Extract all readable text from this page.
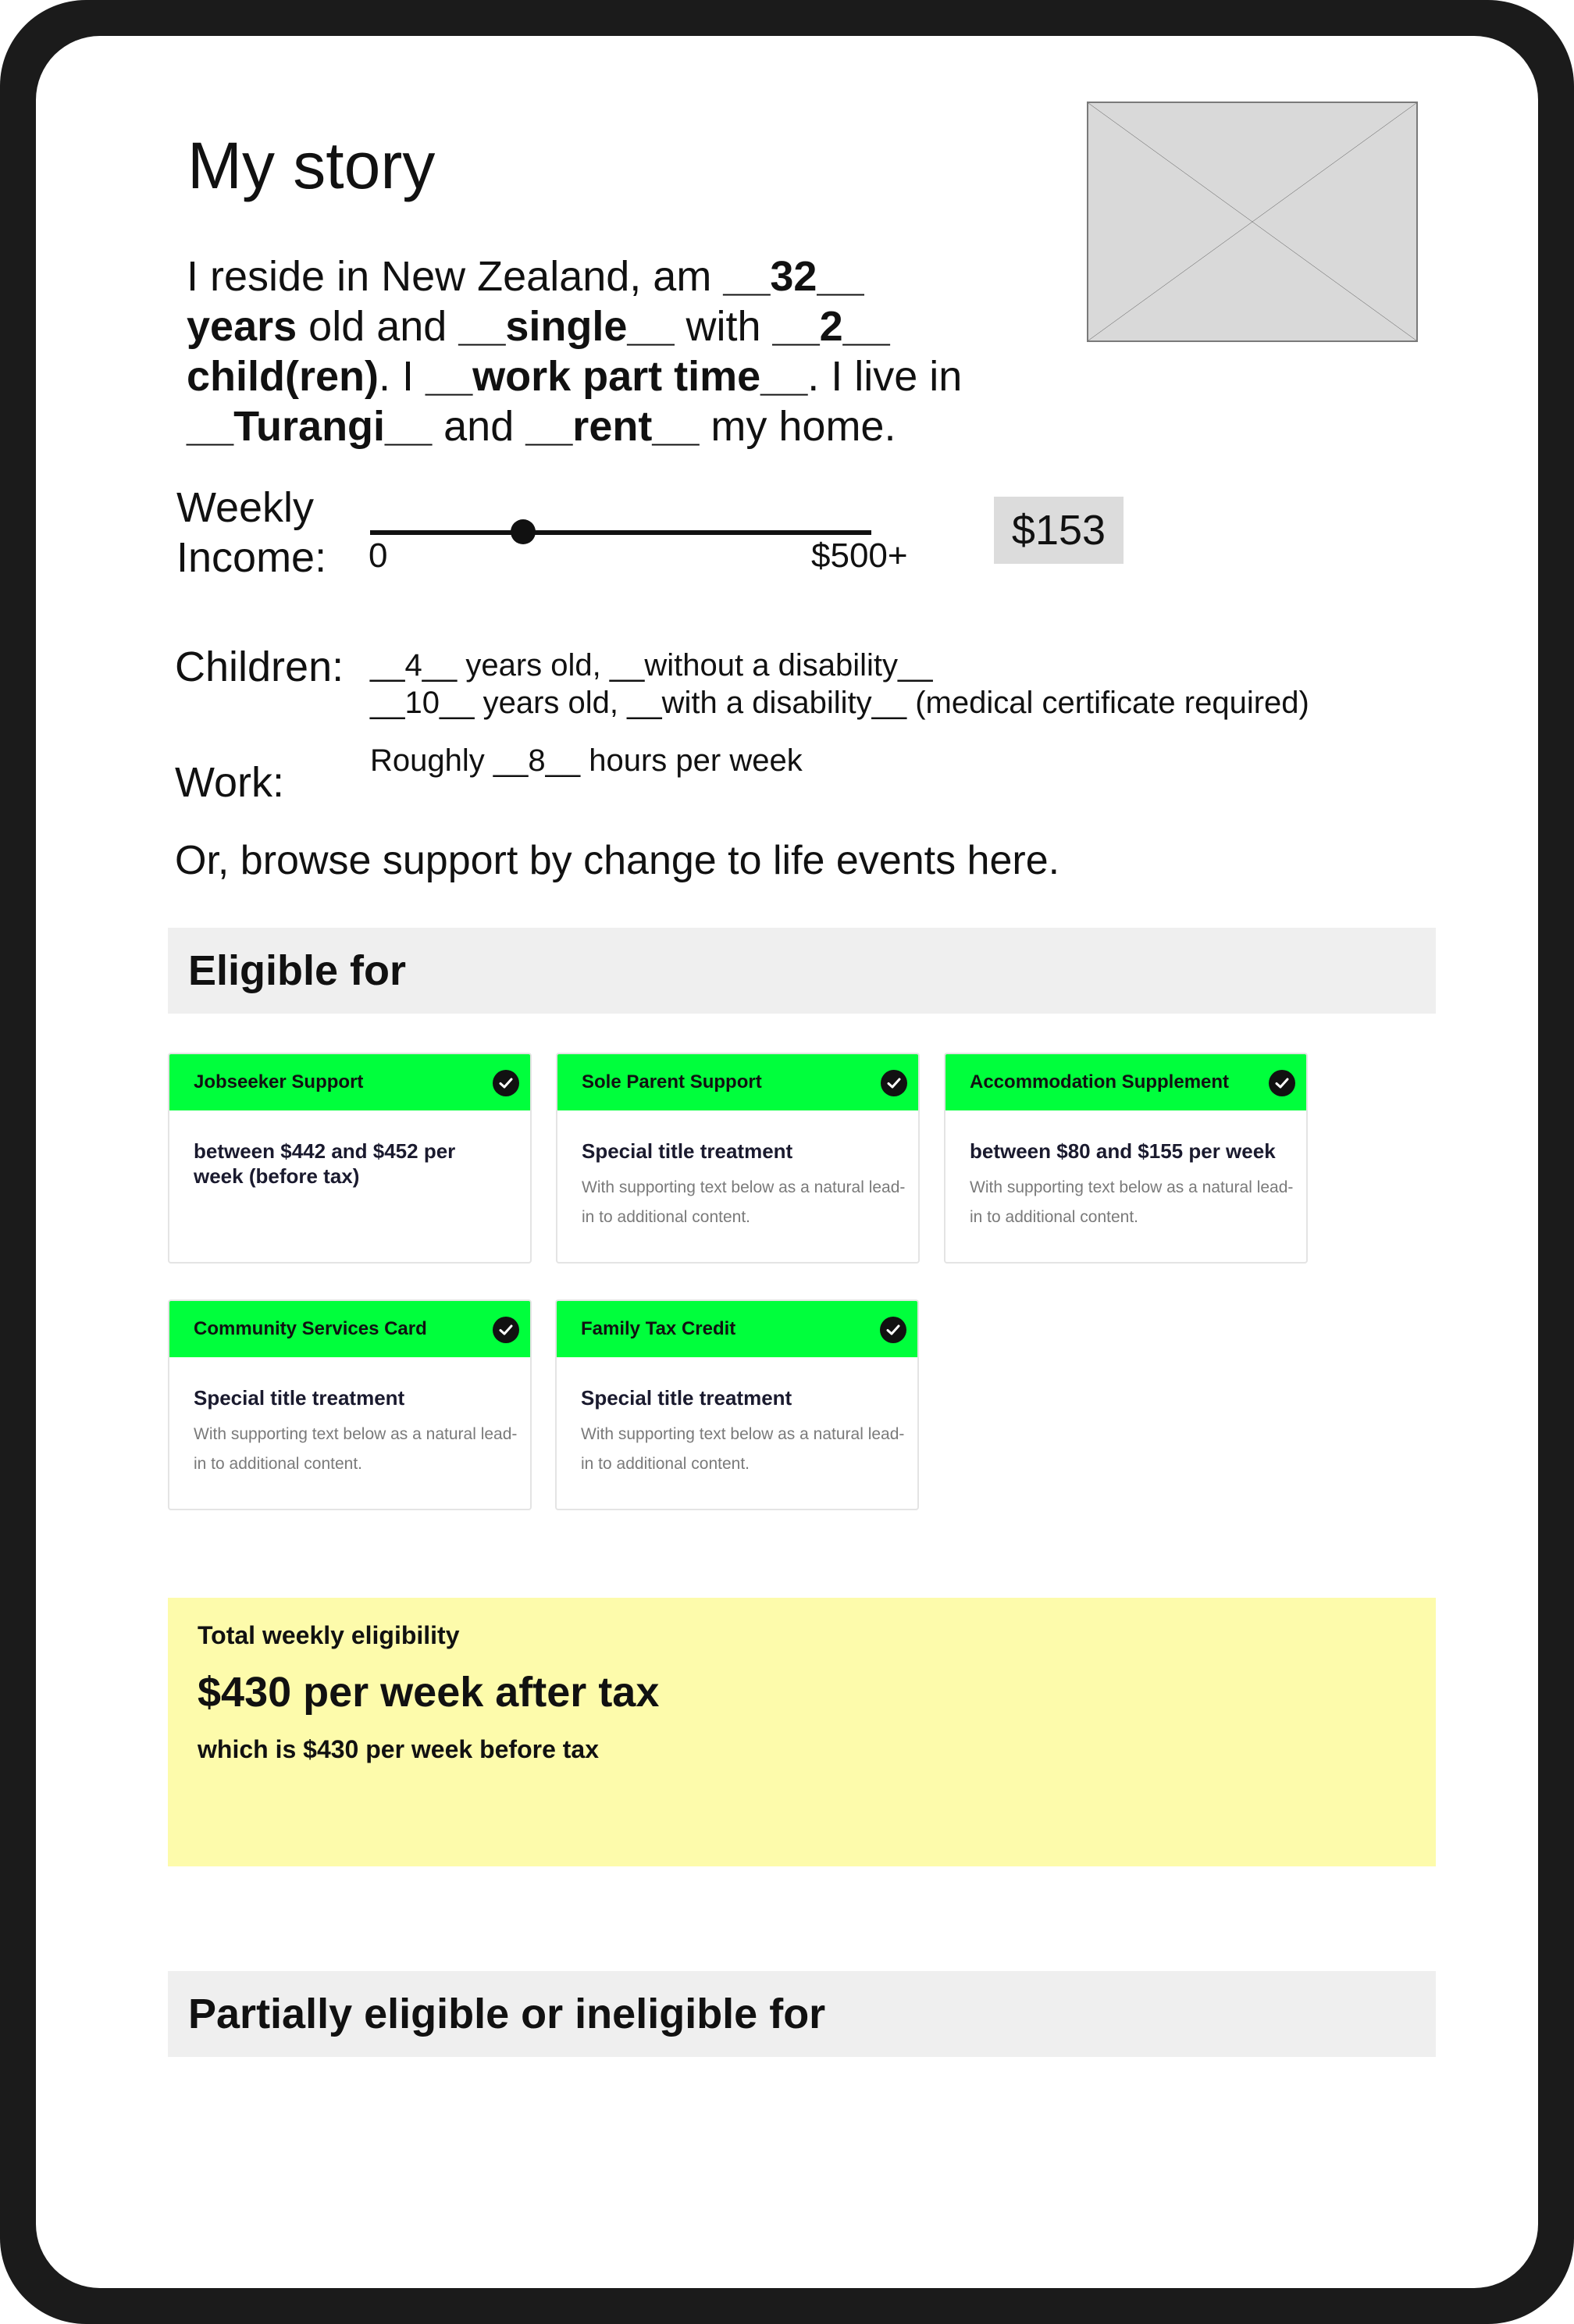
My story
I reside in New Zealand, am __32__ years old and __single__ with __2__ child(ren). I __work part time__. I live in __Turangi__ and __rent__ my home.
Weekly
Income: 0	$500+
$153
Children: __4__ years old, __without a disability__
__10__ years old, __with a disability__ (medical certificate required)
Work:	Roughly __8__ hours per week
Or, browse support by change to life events here.
Eligible for
Jobseeker Support
between $442 and $452 per week (before tax)
Sole Parent Support
Special title treatment
With supporting text below as a natural lead-in to additional content.
Accommodation Supplement
between $80 and $155 per week
With supporting text below as a natural lead-in to additional content.
Community Services Card
Special title treatment
With supporting text below as a natural lead-in to additional content.
Family Tax Credit
Special title treatment
With supporting text below as a natural lead-in to additional content.
Total weekly eligibility
$430 per week after tax
which is $430 per week before tax
Partially eligible or ineligible for
